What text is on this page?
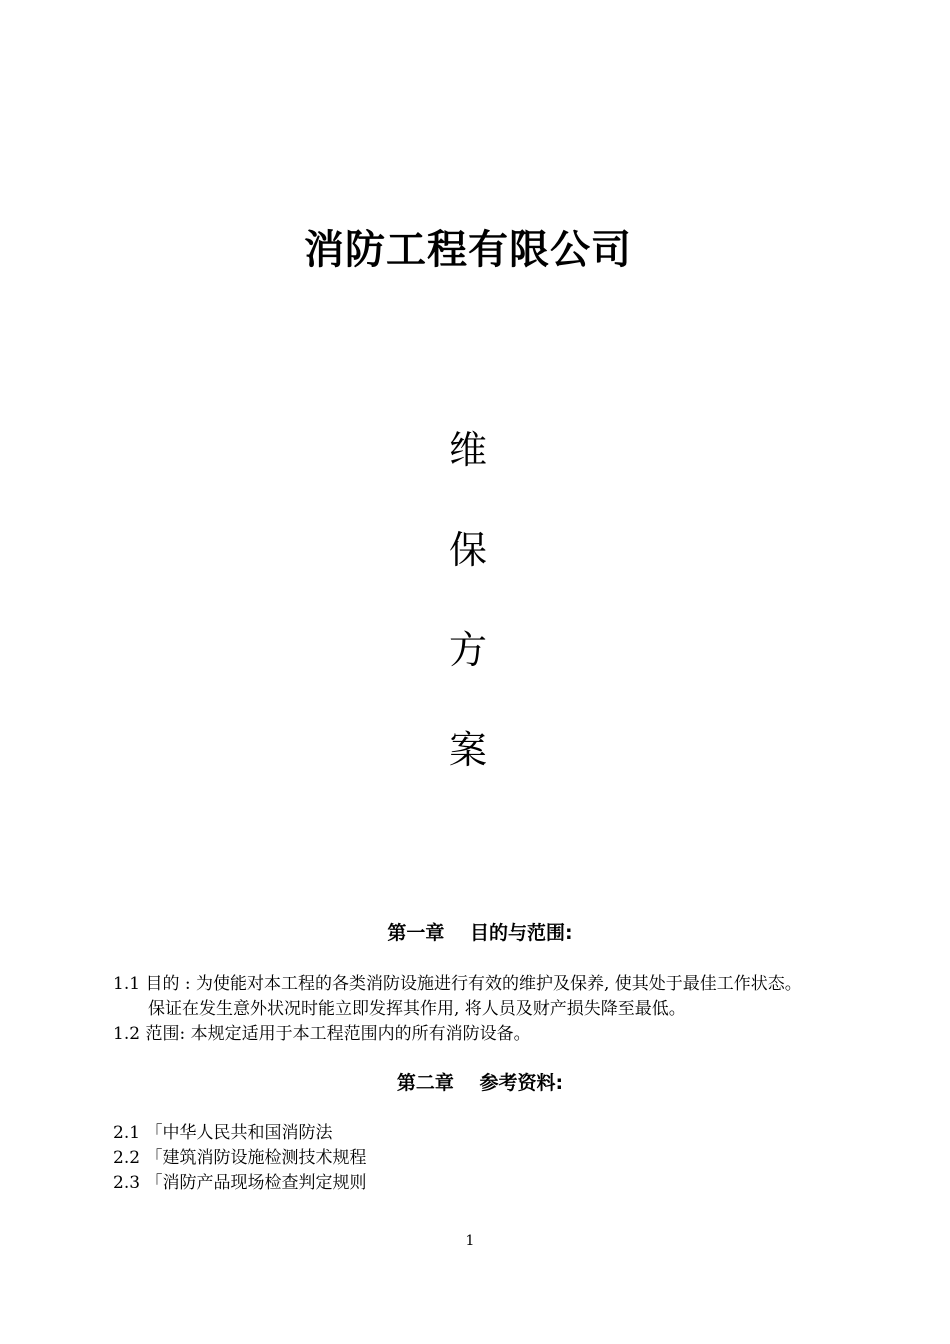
消防工程有限公司
维
保
方
案
第一章　 目的与范围:
1.1 目的 : 为使能对本工程的各类消防设施进行有效的维护及保养, 使其处于最佳工作状态。
保证在发生意外状况时能立即发挥其作用, 将人员及财产损失降至最低。
1.2 范围: 本规定适用于本工程范围内的所有消防设备。
第二章　 参考资料:
2.1 「中华人民共和国消防法
2.2 「建筑消防设施检测技术规程
2.3 「消防产品现场检查判定规则
1
